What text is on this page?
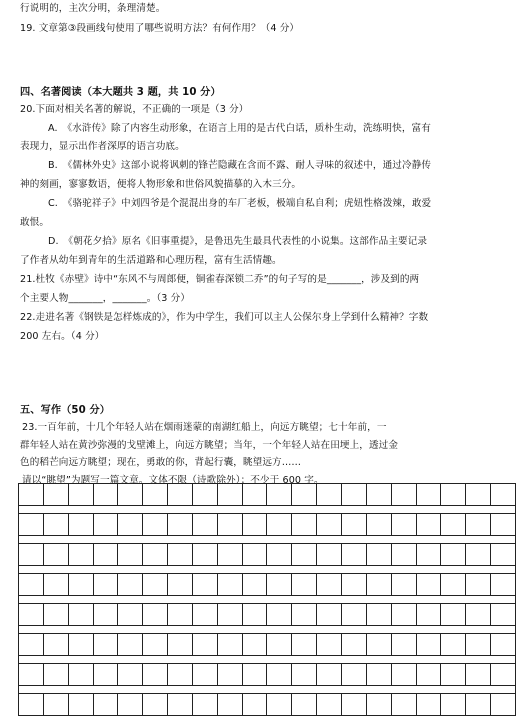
行说明的，主次分明，条理清楚。
19. 文章第③段画线句使用了哪些说明方法？有何作用？（4 分）
四、名著阅读（本大题共 3 题，共 10 分）
20.下面对相关名著的解说，不正确的一项是（3 分）
A.　《水浒传》除了内容生动形象，在语言上用的是古代白话，质朴生动，洗练明快，富有
表现力，显示出作者深厚的语言功底。
B.　《儒林外史》这部小说将讽刺的锋芒隐藏在含而不露、耐人寻味的叙述中，通过冷静传
神的刻画，寥寥数语，便将人物形象和世俗风貌描摹的入木三分。
C.　《骆驼祥子》中刘四爷是个混混出身的车厂老板，极端自私自利；虎妞性格泼辣，敢爱
敢恨。
D.　《朝花夕拾》原名《旧事重提》，是鲁迅先生最具代表性的小说集。这部作品主要记录
了作者从幼年到青年的生活道路和心理历程，富有生活情趣。
21.杜牧《赤壁》诗中“东风不与周郎便，铜雀春深锁二乔”的句子写的是_______，涉及到的两
个主要人物_______，_______。（3 分）
22.走进名著《钢铁是怎样炼成的》，作为中学生，我们可以主人公保尔身上学到什么精神？字数
200 左右。（4 分）
五、写作（50 分）
23.一百年前，十几个年轻人站在烟雨迷蒙的南湖红船上，向远方眺望；七十年前，一
群年轻人站在黄沙弥漫的戈壁滩上，向远方眺望；当年，一个年轻人站在田埂上，透过金
色的稻芒向远方眺望；现在，勇敢的你，背起行囊，眺望远方……
请以“眺望”为题写一篇文章。文体不限（诗歌除外）；不少于 600 字。
